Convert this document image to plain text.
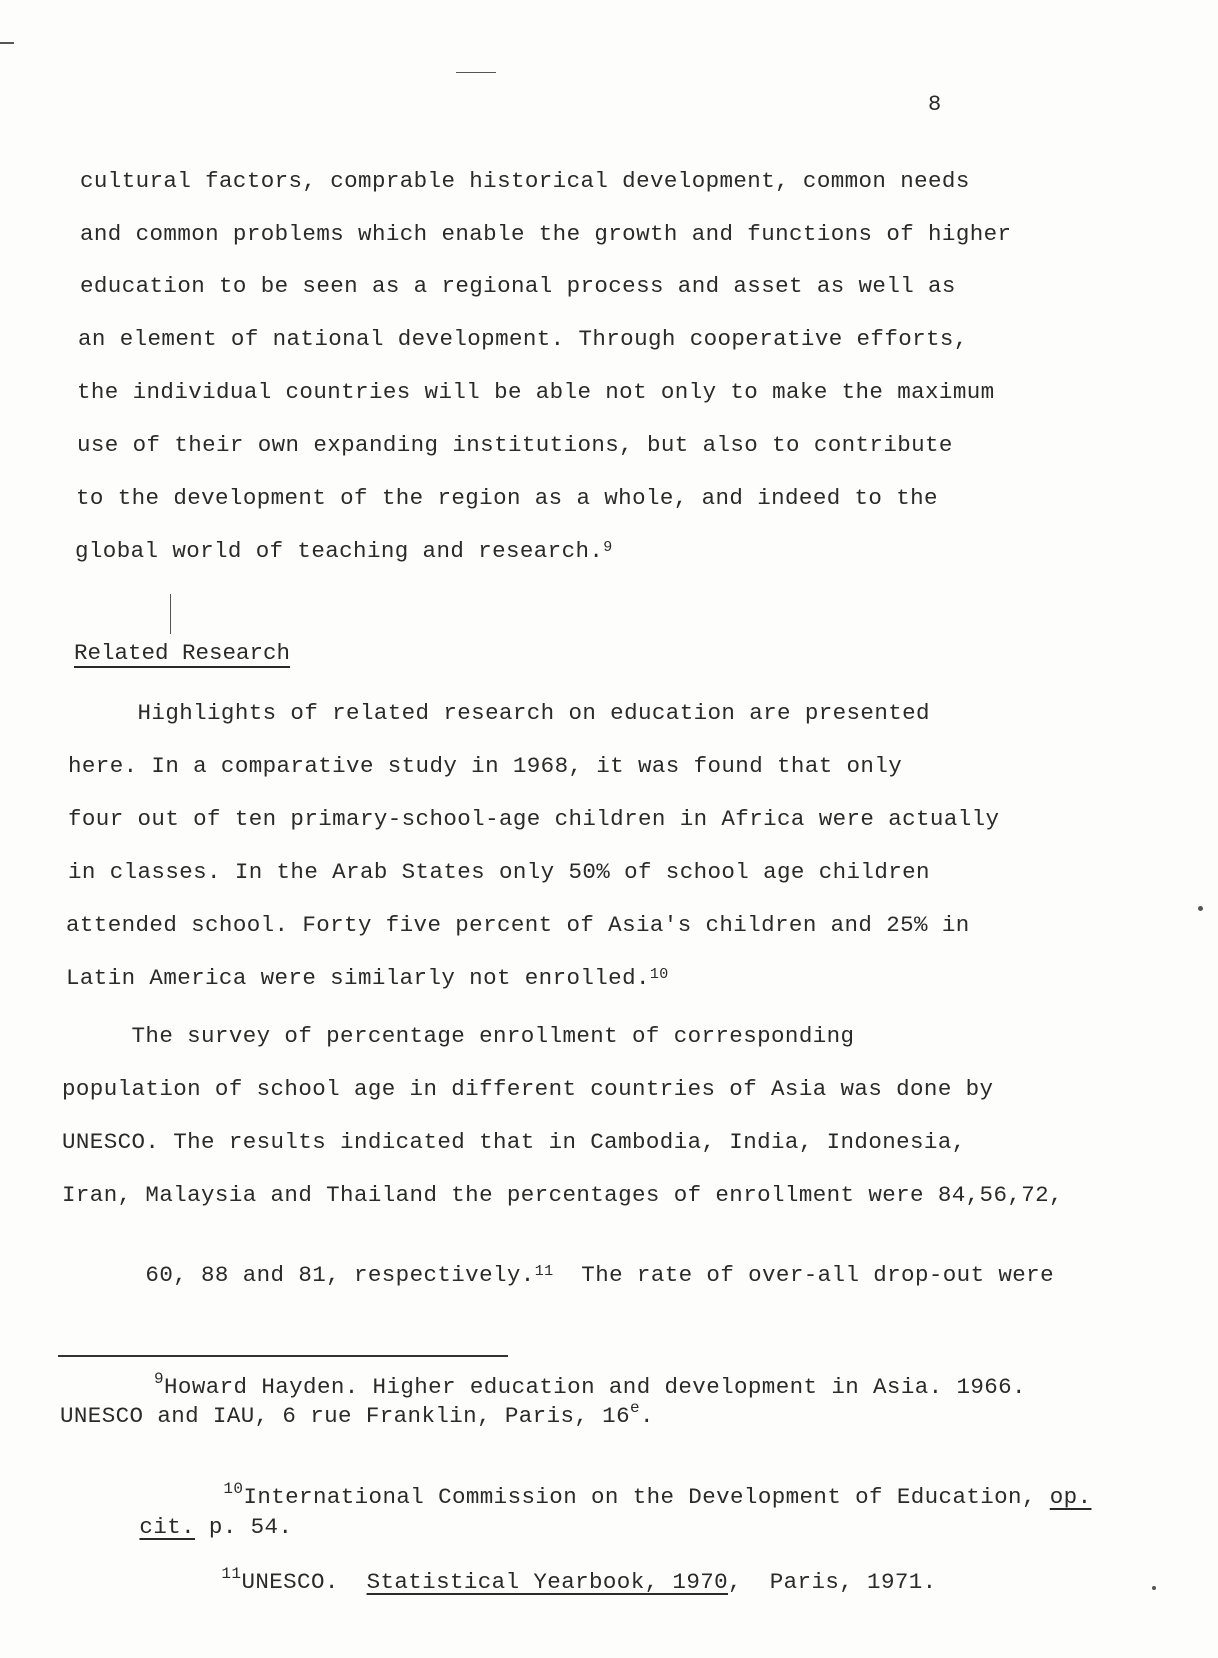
8
cultural factors, comprable historical development, common needs
and common problems which enable the growth and functions of higher
education to be seen as a regional process and asset as well as
an element of national development. Through cooperative efforts,
the individual countries will be able not only to make the maximum
use of their own expanding institutions, but also to contribute
to the development of the region as a whole, and indeed to the
global world of teaching and research.$^9$
Related Research
Highlights of related research on education are presented
here. In a comparative study in 1968, it was found that only
four out of ten primary-school-age children in Africa were actually
in classes. In the Arab States only 50% of school age children
attended school. Forty five percent of Asia's children and 25% in
Latin America were similarly not enrolled.$^{10}$
The survey of percentage enrollment of corresponding
population of school age in different countries of Asia was done by
UNESCO. The results indicated that in Cambodia, India, Indonesia,
Iran, Malaysia and Thailand the percentages of enrollment were 84,56,72,

60, 88 and 81, respectively.$^{11}$  The rate of over-all drop-out were

$^9$Howard Hayden. Higher education and development in Asia. 1966.
UNESCO and IAU, 6 rue Franklin, Paris, 16e.

$^{10}$International Commission on the Development of Education, op.

cit. p. 54.

$^{11}$UNESCO.  Statistical Yearbook, 1970,  Paris, 1971.
